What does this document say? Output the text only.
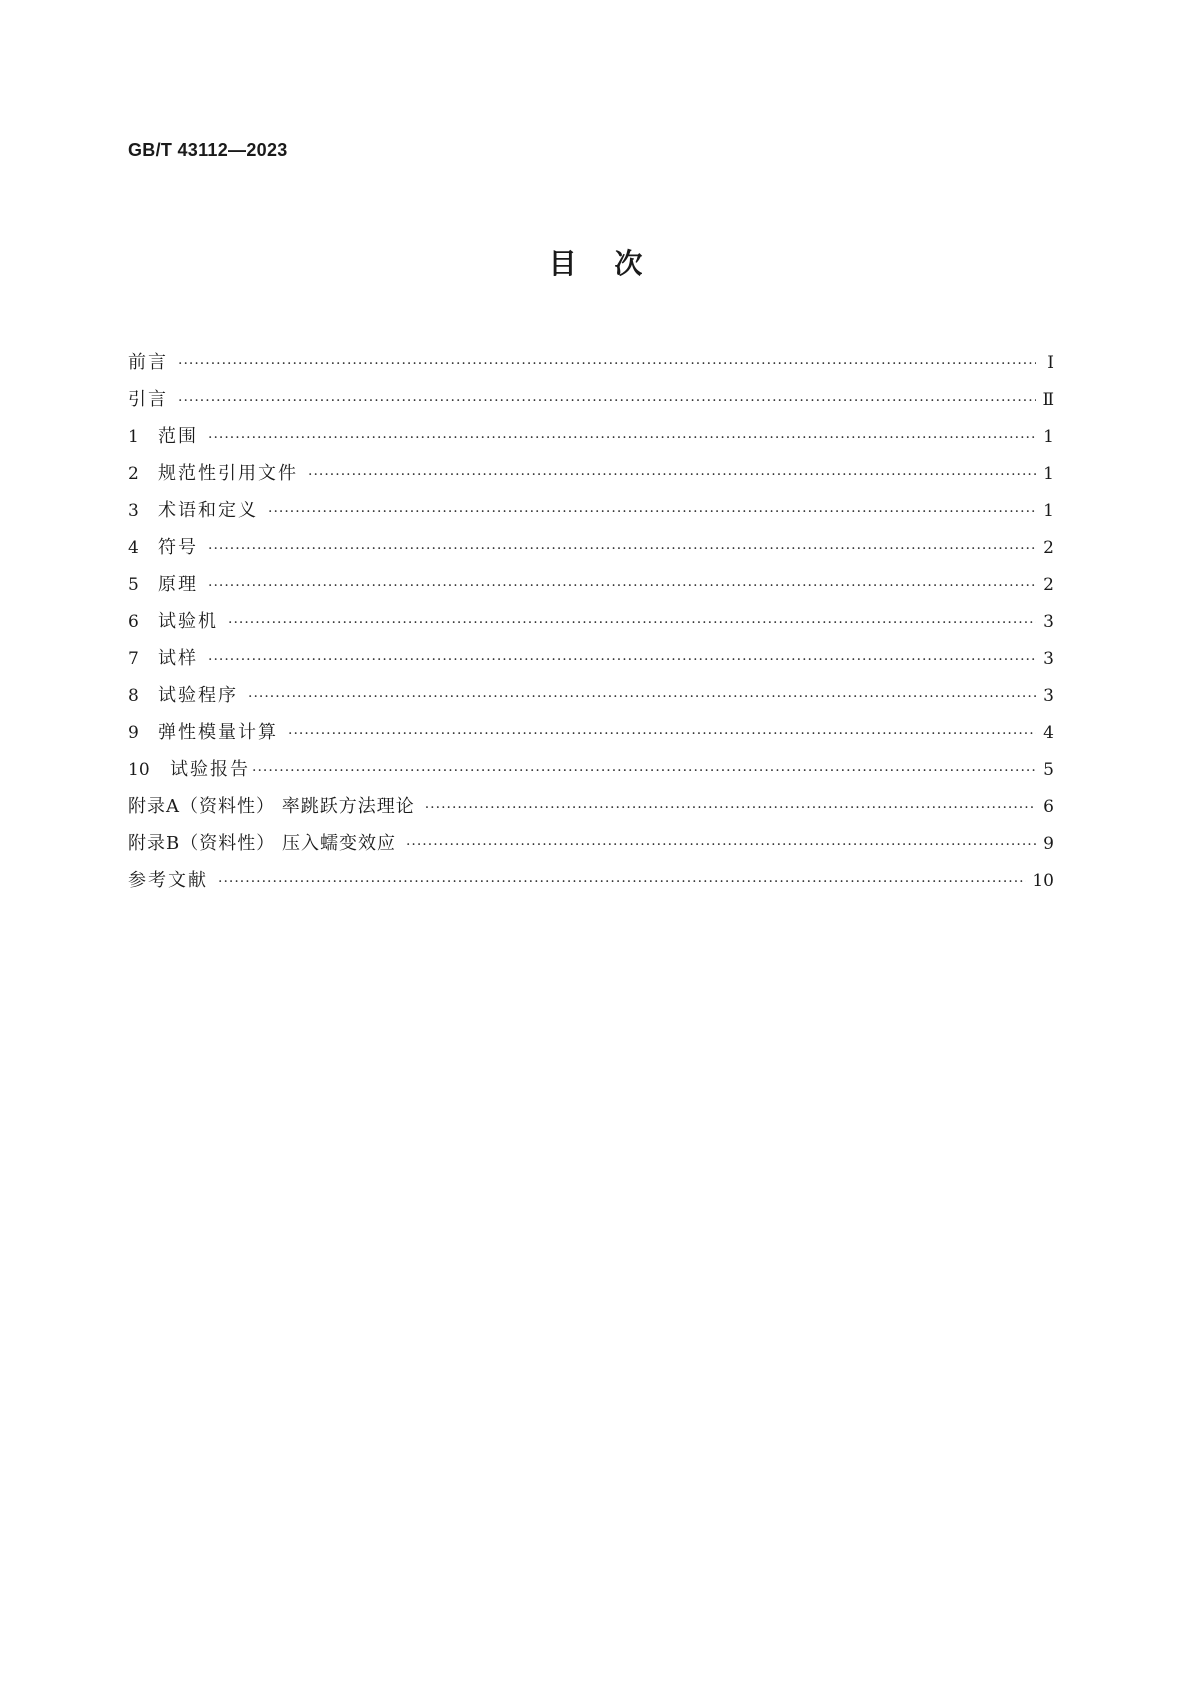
GB/T 43112—2023
目 次
前言 ·····	Ⅰ
引言 ·····	Ⅱ
1	范围 ·····	1
2	规范性引用文件 ·····	1
3	术语和定义 ·····	1
4	符号 ·····	2
5	原理 ·····	2
6	试验机 ·····	3
7	试样 ·····	3
8	试验程序 ·····	3
9	弹性模量计算 ·····	4
10	试验报告 ·····	5
附录A（资料性） 率跳跃方法理论 ·····	6
附录B（资料性） 压入蠕变效应 ·····	9
参考文献 ·····	10
